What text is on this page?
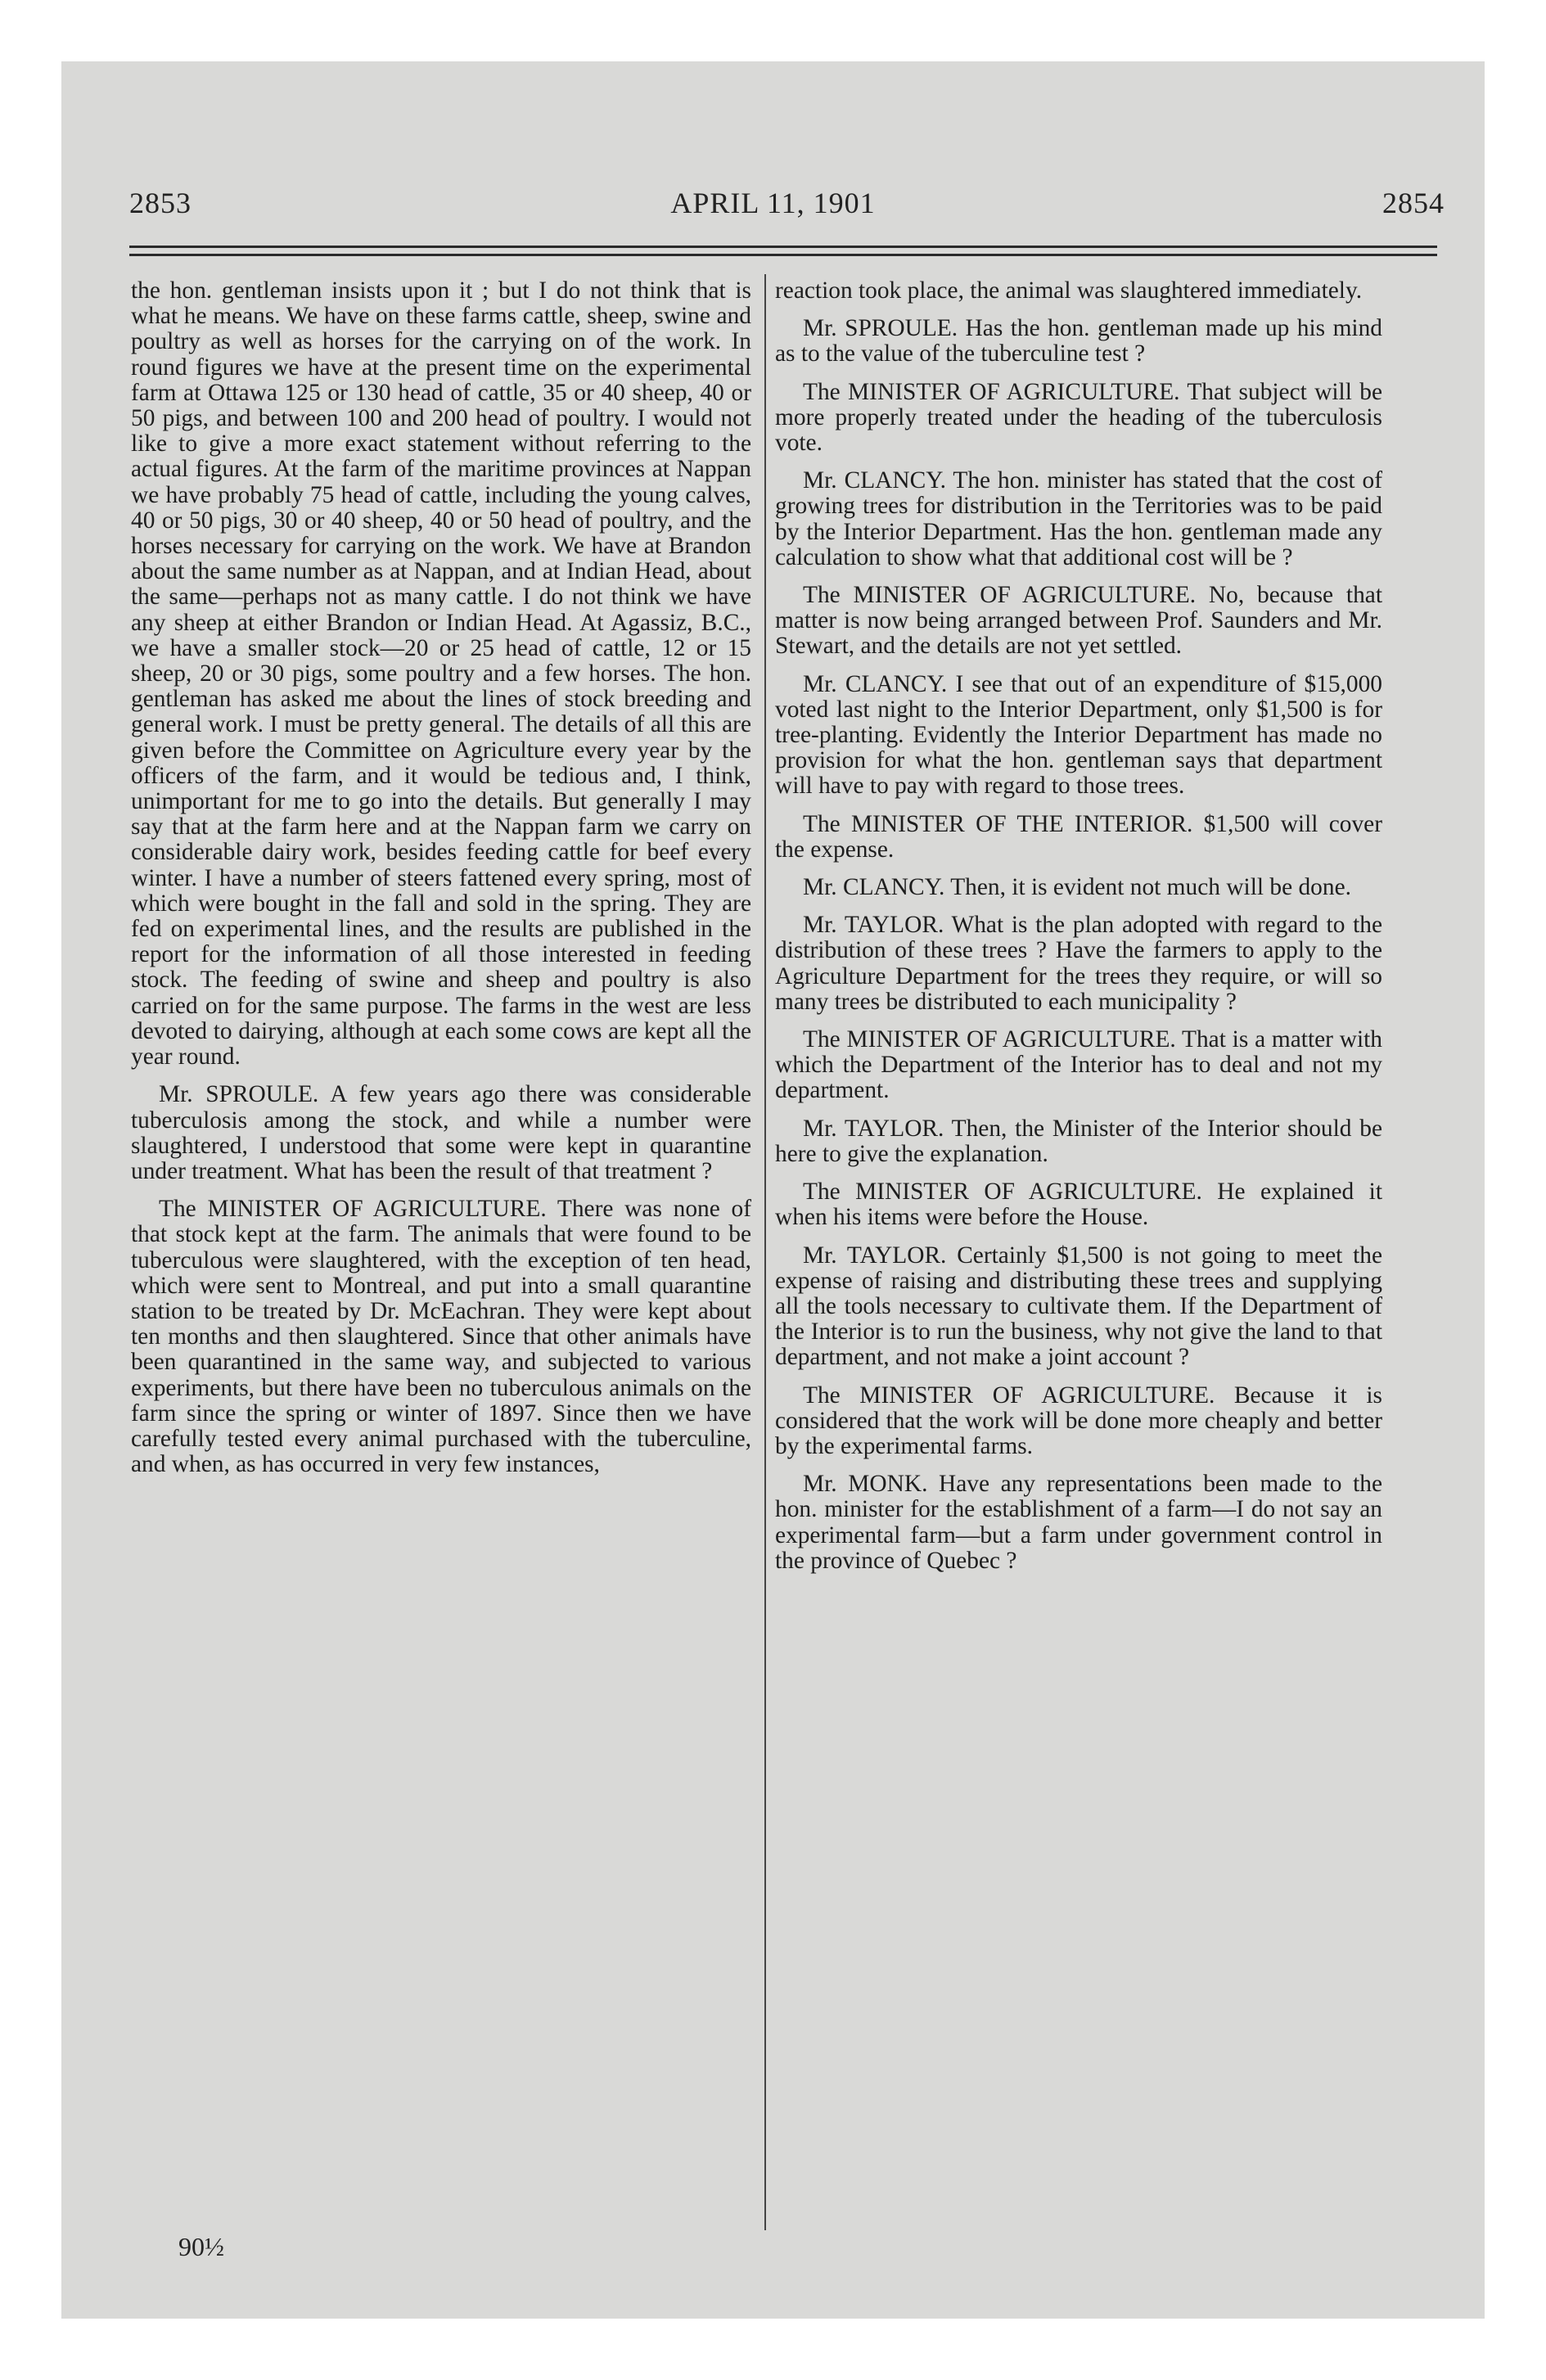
2853	APRIL 11, 1901	2854

the hon. gentleman insists upon it ; but I do not think that is what he means. We have on these farms cattle, sheep, swine and poultry as well as horses for the carrying on of the work. In round figures we have at the present time on the experimental farm at Ottawa 125 or 130 head of cattle, 35 or 40 sheep, 40 or 50 pigs, and between 100 and 200 head of poultry. I would not like to give a more exact statement without referring to the actual figures. At the farm of the maritime provinces at Nappan we have probably 75 head of cattle, including the young calves, 40 or 50 pigs, 30 or 40 sheep, 40 or 50 head of poultry, and the horses necessary for carrying on the work. We have at Brandon about the same number as at Nappan, and at Indian Head, about the same—perhaps not as many cattle. I do not think we have any sheep at either Brandon or Indian Head. At Agassiz, B.C., we have a smaller stock—20 or 25 head of cattle, 12 or 15 sheep, 20 or 30 pigs, some poultry and a few horses. The hon. gentleman has asked me about the lines of stock breeding and general work. I must be pretty general. The details of all this are given before the Committee on Agriculture every year by the officers of the farm, and it would be tedious and, I think, unimportant for me to go into the details. But generally I may say that at the farm here and at the Nappan farm we carry on considerable dairy work, besides feeding cattle for beef every winter. I have a number of steers fattened every spring, most of which were bought in the fall and sold in the spring. They are fed on experimental lines, and the results are published in the report for the information of all those interested in feeding stock. The feeding of swine and sheep and poultry is also carried on for the same purpose. The farms in the west are less devoted to dairying, although at each some cows are kept all the year round.

Mr. SPROULE. A few years ago there was considerable tuberculosis among the stock, and while a number were slaughtered, I understood that some were kept in quarantine under treatment. What has been the result of that treatment ?

The MINISTER OF AGRICULTURE. There was none of that stock kept at the farm. The animals that were found to be tuberculous were slaughtered, with the exception of ten head, which were sent to Montreal, and put into a small quarantine station to be treated by Dr. McEachran. They were kept about ten months and then slaughtered. Since that other animals have been quarantined in the same way, and subjected to various experiments, but there have been no tuberculous animals on the farm since the spring or winter of 1897. Since then we have carefully tested every animal purchased with the tuberculine, and when, as has occurred in very few instances,

reaction took place, the animal was slaughtered immediately.

Mr. SPROULE. Has the hon. gentleman made up his mind as to the value of the tuberculine test ?

The MINISTER OF AGRICULTURE. That subject will be more properly treated under the heading of the tuberculosis vote.

Mr. CLANCY. The hon. minister has stated that the cost of growing trees for distribution in the Territories was to be paid by the Interior Department. Has the hon. gentleman made any calculation to show what that additional cost will be ?

The MINISTER OF AGRICULTURE. No, because that matter is now being arranged between Prof. Saunders and Mr. Stewart, and the details are not yet settled.

Mr. CLANCY. I see that out of an expenditure of $15,000 voted last night to the Interior Department, only $1,500 is for tree-planting. Evidently the Interior Department has made no provision for what the hon. gentleman says that department will have to pay with regard to those trees.

The MINISTER OF THE INTERIOR. $1,500 will cover the expense.

Mr. CLANCY. Then, it is evident not much will be done.

Mr. TAYLOR. What is the plan adopted with regard to the distribution of these trees ? Have the farmers to apply to the Agriculture Department for the trees they require, or will so many trees be distributed to each municipality ?

The MINISTER OF AGRICULTURE. That is a matter with which the Department of the Interior has to deal and not my department.

Mr. TAYLOR. Then, the Minister of the Interior should be here to give the explanation.

The MINISTER OF AGRICULTURE. He explained it when his items were before the House.

Mr. TAYLOR. Certainly $1,500 is not going to meet the expense of raising and distributing these trees and supplying all the tools necessary to cultivate them. If the Department of the Interior is to run the business, why not give the land to that department, and not make a joint account ?

The MINISTER OF AGRICULTURE. Because it is considered that the work will be done more cheaply and better by the experimental farms.

Mr. MONK. Have any representations been made to the hon. minister for the establishment of a farm—I do not say an experimental farm—but a farm under government control in the province of Quebec ?

90½
